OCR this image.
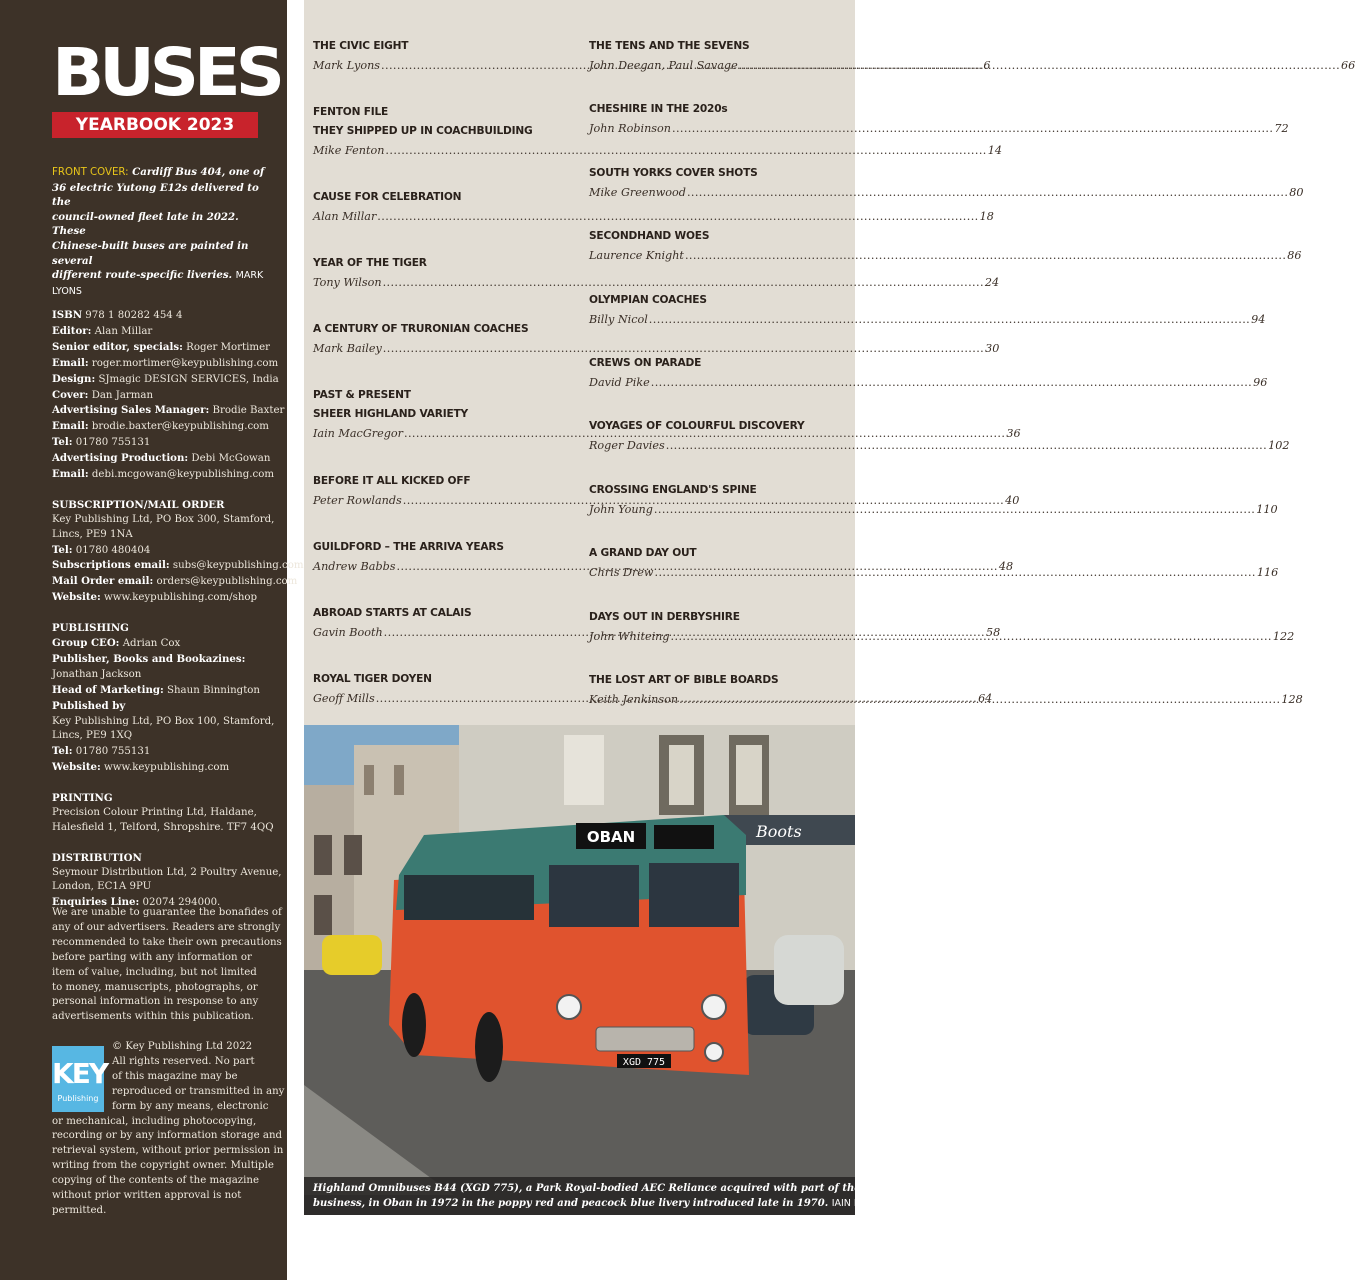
BUSES
YEARBOOK 2023
FRONT COVER: Cardiff Bus 404, one of
36 electric Yutong E12s delivered to the
council-owned fleet late in 2022. These
Chinese-built buses are painted in several
different route-specific liveries. MARK LYONS
ISBN 978 1 80282 454 4
Editor: Alan Millar
Senior editor, specials: Roger Mortimer
Email: roger.mortimer@keypublishing.com
Design: SJmagic DESIGN SERVICES, India
Cover: Dan Jarman
Advertising Sales Manager: Brodie Baxter
Email: brodie.baxter@keypublishing.com
Tel: 01780 755131
Advertising Production: Debi McGowan
Email: debi.mcgowan@keypublishing.com
SUBSCRIPTION/MAIL ORDER
Key Publishing Ltd, PO Box 300, Stamford,
Lincs, PE9 1NA
Tel: 01780 480404
Subscriptions email: subs@keypublishing.com
Mail Order email: orders@keypublishing.com
Website: www.keypublishing.com/shop
PUBLISHING
Group CEO: Adrian Cox
Publisher, Books and Bookazines:
Jonathan Jackson
Head of Marketing: Shaun Binnington
Published by
Key Publishing Ltd, PO Box 100, Stamford,
Lincs, PE9 1XQ
Tel: 01780 755131
Website: www.keypublishing.com
PRINTING
Precision Colour Printing Ltd, Haldane,
Halesfield 1, Telford, Shropshire. TF7 4QQ
DISTRIBUTION
Seymour Distribution Ltd, 2 Poultry Avenue,
London, EC1A 9PU
Enquiries Line: 02074 294000.
We are unable to guarantee the bonafides of
any of our advertisers. Readers are strongly
recommended to take their own precautions
before parting with any information or
item of value, including, but not limited
to money, manuscripts, photographs, or
personal information in response to any
advertisements within this publication.
KEY
Publishing
© Key Publishing Ltd 2022
All rights reserved. No part
of this magazine may be
reproduced or transmitted in any
form by any means, electronic
or mechanical, including photocopying,
recording or by any information storage and
retrieval system, without prior permission in
writing from the copyright owner. Multiple
copying of the contents of the magazine
without prior written approval is not
permitted.
THE CIVIC EIGHT
Mark Lyons .....	6
FENTON FILE
THEY SHIPPED UP IN COACHBUILDING
Mike Fenton .....	14
CAUSE FOR CELEBRATION
Alan Millar .....	18
YEAR OF THE TIGER
Tony Wilson .....	24
A CENTURY OF TRURONIAN COACHES
Mark Bailey .....	30
PAST & PRESENT
SHEER HIGHLAND VARIETY
Iain MacGregor .....	36
BEFORE IT ALL KICKED OFF
Peter Rowlands .....	40
GUILDFORD – THE ARRIVA YEARS
Andrew Babbs .....	48
ABROAD STARTS AT CALAIS
Gavin Booth .....	58
ROYAL TIGER DOYEN
Geoff Mills .....	64
THE TENS AND THE SEVENS
John Deegan, Paul Savage .....	66
CHESHIRE IN THE 2020s
John Robinson .....	72
SOUTH YORKS COVER SHOTS
Mike Greenwood .....	80
SECONDHAND WOES
Laurence Knight .....	86
OLYMPIAN COACHES
Billy Nicol .....	94
CREWS ON PARADE
David Pike .....	96
VOYAGES OF COLOURFUL DISCOVERY
Roger Davies .....	102
CROSSING ENGLAND'S SPINE
John Young .....	110
A GRAND DAY OUT
Chris Drew .....	116
DAYS OUT IN DERBYSHIRE
John Whiteing .....	122
THE LOST ART OF BIBLE BOARDS
Keith Jenkinson .....	128
Boots
OBAN
XGD 775
Highland Omnibuses B44 (XGD 775), a Park Royal-bodied AEC Reliance acquired with part of the MacBraynes
business, in Oban in 1972 in the poppy red and peacock blue livery introduced late in 1970. IAIN MACGREGOR
